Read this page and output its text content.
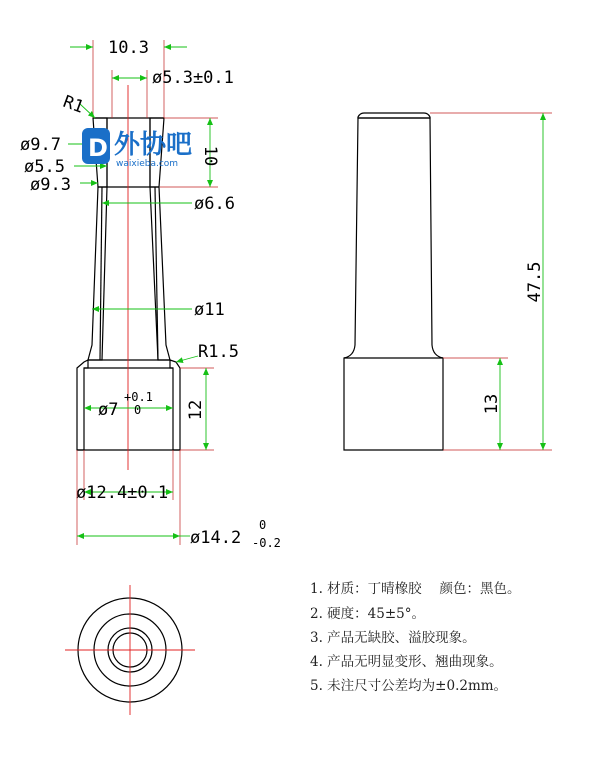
10.3
ø5.3±0.1
R1
ø9.7
10
ø5.5
ø9.3
ø6.6
ø11
R1.5
ø7
+0.1
0	12
ø12.4±0.1
ø14.2
0
-0.2
D 外协吧
waixieba.com
47.5
13
1. 材质：丁晴橡胶　 颜色：黑色。
2. 硬度：45±5°。
3. 产品无缺胶、溢胶现象。
4. 产品无明显变形、翘曲现象。
5. 未注尺寸公差均为±0.2mm。
